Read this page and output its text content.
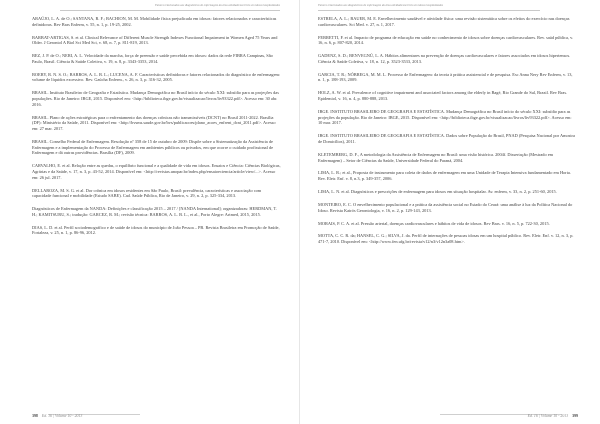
Fatores relacionados aos diagnósticos de enfermagem da área atividade/exercício em idosos hospitalizados

ARAÚJO, L. A. de O.; SANTANA, R. F.; BACHION, M. M. Mobilidade física prejudicada em idosos: fatores relacionados e características definidoras. Rev Bras Enferm, v. 55, n. 1, p. 19-25, 2002.

BARBAT-ARTIGAS, S. et al. Clinical Relevance of Different Muscle Strength Indexes Functional Impairment in Women Aged 75 Years and Older. J Gerontol A Biol Sci Med Sci, v. 68, n. 7, p. 811-819, 2013.

BEZ, J. P. de O.; NERI, A. L. Velocidade da marcha, força de preensão e saúde percebida em idosos: dados da rede FIBRA Campinas, São Paulo, Brasil. Ciência & Saúde Coletiva, v. 19, n. 8, p. 3343-3353, 2014.

BOERY, R. N. S. O.; BARROS, A. L. B. L.; LUCENA, A. F. Características definidoras e fatores relacionados do diagnóstico de enfermagem: volume de líquidos excessivo. Rev. Gaúcha Enferm., v. 26, n. 3, p. 316-32, 2005.

BRASIL. Instituto Brasileiro de Geografia e Estatística. Mudança Demográfica no Brasil início do século XXI: subsídio para as projeções das populações. Rio de Janeiro: IBGE, 2015. Disponível em: <http://biblioteca.ibge.gov.br/visualizacao/livros/liv93322.pdf>. Acesso em: 30 abr. 2016.

BRASIL. Plano de ações estratégicas para o enfrentamento das doenças crônicas não transmissíveis (DCNT) no Brasil 2011-2022. Brasília (DF): Ministério da Saúde, 2011. Disponível em: <http://bvsms.saude.gov.br/bvs/publicacoes/plano_acoes_enfrent_dcnt_2011.pdf>. Acesso em: 27 mar. 2017.

BRASIL. Conselho Federal de Enfermagem. Resolução nº 358 de 15 de outubro de 2009: Dispõe sobre a Sistematização da Assistência de Enfermagem e a implementação do Processo de Enfermagem em ambientes públicos ou privados, em que ocorre o cuidado profissional de Enfermagem e dá outras providências. Brasília (DF), 2009.

CARVALHO, E. et al. Relação entre as quedas, o equilíbrio funcional e a qualidade de vida em idosos. Ensaios e Ciência: Ciências Biológicas, Agrárias e da Saúde, v. 17, n. 3, p. 43-52, 2014. Disponível em: <http://revistas.unopar.br/index.php/ensaioeciencia/article/view/...>. Acesso em: 26 jul. 2017.

DELLAROZA, M. S. G. et al. Dor crônica em idosos residentes em São Paulo, Brasil: prevalência, características e associação com capacidade funcional e mobilidade (Estudo SABE). Cad. Saúde Pública, Rio de Janeiro, v. 29, n. 2, p. 325-334, 2013.

Diagnósticos de Enfermagem da NANDA: Definições e classificação 2015 – 2017 / [NANDA International]; organizadoras: HERDMAN, T. H.; KAMITSURU, S.; tradução: GARCEZ, R. M.; revisão técnica: BARROS, A. L. B. L., et al., Porto Alegre: Artmed, 2015, 2015.

DIAS, L. D. et al. Perfil sociodemográfico e de saúde de idosos do município de João Pessoa – PB. Revista Brasileira em Promoção de Saúde, Fortaleza, v. 25, n. 1, p. 86-96, 2012.

398 Ed. 16 | Volume 10 - 2013
Fatores relacionados aos diagnósticos de enfermagem da área atividade/exercício em idosos hospitalizados

ESTRELA, A. L.; BAUER, M. E. Envelhecimento saudável e atividade física: uma revisão sistemática sobre os efeitos do exercício nas doenças cardiovasculares. Sci Med. v. 27, n. 1, 2017.

FERRETTI, F. et al. Impacto de programa de educação em saúde no conhecimento de idosos sobre doenças cardiovasculares. Rev. saúd pública, v. 16, n. 6, p. 807-820, 2014.

GADENZ, S. D.; BENVEGNÚ, L. A. Hábitos alimentares na prevenção de doenças cardiovasculares e fatores associados em idosos hipertensos. Ciência & Saúde Coletiva, v. 18, n. 12, p. 3523-3533, 2013.

GARCIA, T. R.; NÓBREGA, M. M. L. Processo de Enfermagem: da teoria à prática assistencial e de pesquisa. Esc Anna Nery Rev Enferm, v. 13, n. 1, p. 188-193, 2009.

HOLZ, A. W. et al. Prevalence of cognitive impairment and associated factors among the elderly in Bagé, Rio Grande do Sul, Brazil. Rev Bras. Epidemiol, v. 16, n. 4, p. 880-888, 2013.

IBGE. INSTITUTO BRASILEIRO DE GEOGRAFIA E ESTATÍSTICA. Mudança Demográfica no Brasil início do século XXI: subsídio para as projeções da população. Rio de Janeiro: IBGE, 2015. Disponível em: <http://biblioteca.ibge.gov.br/visualizacao/livros/liv93322.pdf>. Acesso em: 10 mar. 2017.

IBGE. INSTITUTO BRASILEIRO DE GEOGRAFIA E ESTATÍSTICA. Dados sobre População do Brasil, PNAD (Pesquisa Nacional por Amostra de Domicílios), 2011.

KLETEMBERG, D. F., A metodologia da Assistência de Enfermagem no Brasil: uma visão histórica. 2004f. Dissertação (Mestrado em Enfermagem) – Setor de Ciências da Saúde, Universidade Federal do Paraná, 2004.

LIMA, L. R.; et al., Proposta de instrumento para coleta de dados de enfermagem em uma Unidade de Terapia Intensiva fundamentado em Horta. Rev. Eletr. Enf. v. 8, n.3, p. 349-357, 2006.

LIMA, L. N. et al. Diagnósticos e prescrições de enfermagem para idosos em situação hospitalar. Av. enferm, v. 33, n. 2, p. 251-60, 2015.

MONTEIRO, E. C. O envelhecimento populacional e a prática da assistência social no Estado do Ceará: uma análise à luz da Política Nacional do Idoso. Revista Kairós Gerontologia, v. 16, n. 2, p. 129-143, 2013.

MORAIS, P. C. A. et al. Pressão arterial, doenças cardiovasculares e hábitos de vida de idosos. Rev Bras. v. 16, n. 5, p. 722-30, 2015.

MOTTA, C. C. R. da; HANSEL, C. G.; SILVA, J. da. Perfil de internações de pessoas idosas em um hospital público. Rev. Eletr. Enf. v. 12, n. 3, p. 471-7, 2010. Disponível em: <http://www.fen.ufg.br/revista/v12/n3/v12n3a08.htm>.

Ed. 16 | Volume 10 - 2013 399
